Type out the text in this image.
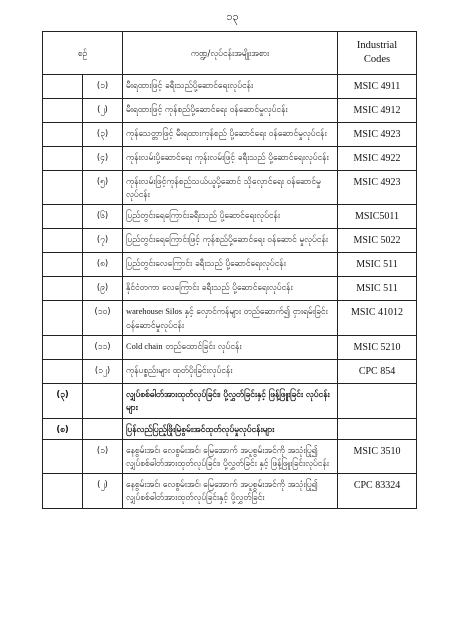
၁၃
စဉ်		ကဏ္ဍ/လုပ်ငန်းအမျိုးအစား	Industrial
Codes

	(၁)	မီးရထားဖြင့် ခရီးသည်ပို့ဆောင်ရေးလုပ်ငန်း	MSIC 4911
	(၂)	မီးရထားဖြင့် ကုန်စည်ပို့ဆောင်ရေး ဝန်ဆောင်မှုလုပ်ငန်း	MSIC 4912
	(၃)	ကုန်သေတ္တာဖြင့် မီးရထားကုန်စည် ပို့ဆောင်ရေး ဝန်ဆောင်မှုလုပ်ငန်း	MSIC 4923
	(၄)	ကုန်းလမ်းပို့ဆောင်ရေး ကုန်းလမ်းဖြင့် ခရီးသည် ပို့ဆောင်ရေးလုပ်ငန်း	MSIC 4922
	(၅)	ကုန်းလမ်းဖြင့်ကုန်စည်သယ်ယူပို့ဆောင် သိုလှောင်ရေး ဝန်ဆောင်မှုလုပ်ငန်း	MSIC 4923
	(၆)	ပြည်တွင်းရေကြောင်းခရီးသည် ပို့ဆောင်ရေးလုပ်ငန်း	MSIC5011
	(၇)	ပြည်တွင်းရေကြောင်းဖြင့် ကုန်စည်ပို့ဆောင်ရေး ဝန်ဆောင် မှုလုပ်ငန်း	MSIC 5022
	(၈)	ပြည်တွင်းလေကြောင်း ခရီးသည် ပို့ဆောင်ရေးလုပ်ငန်း	MSIC 511
	(၉)	နိုင်ငံတကာ လေကြောင်း ခရီးသည် ပို့ဆောင်ရေးလုပ်ငန်း	MSIC 511
	(၁၀)	warehouse၊ Silos နှင့် လှောင်ကန်များ တည်ဆောက်၍ ငှားရမ်းခြင်းဝန်ဆောင်မှုလုပ်ငန်း	MSIC 41012
	(၁၁)	Cold chain တည်ထောင်ခြင်း လုပ်ငန်း	MSIC 5210
	(၁၂)	ကုန်ပစ္စည်းများ ထုတ်ပိုးခြင်းလုပ်ငန်း	CPC 854
(၃)		လျှပ်စစ်ဓါတ်အားထုတ်လုပ်ခြင်း၊ ပို့လွှတ်ခြင်းနှင့် ဖြန့်ဖြူးခြင်း လုပ်ငန်းများ	
(စ)		ပြန်လည်ပြည့်ဖြိုးမြဲစွမ်းအင်ထုတ်လုပ်မှုလုပ်ငန်းများ	
	(၁)	နေစွမ်းအင်၊ လေစွမ်းအင်၊ မြေအောက် အပူစွမ်းအင်ကို အသုံးပြု၍ လျှပ်စစ်ဓါတ်အားထုတ်လုပ်ခြင်း၊ ပို့လွှတ်ခြင်း နှင့် ဖြန့်ဖြူးခြင်းလုပ်ငန်း	MSIC 3510
	(၂)	နေစွမ်းအင်၊ လေစွမ်းအင်၊ မြေအောက် အပူစွမ်းအင်ကို အသုံးပြု၍ လျှပ်စစ်ဓါတ်အားထုတ်လုပ်ခြင်းနှင့် ပို့လွှတ်ခြင်း	CPC 83324
